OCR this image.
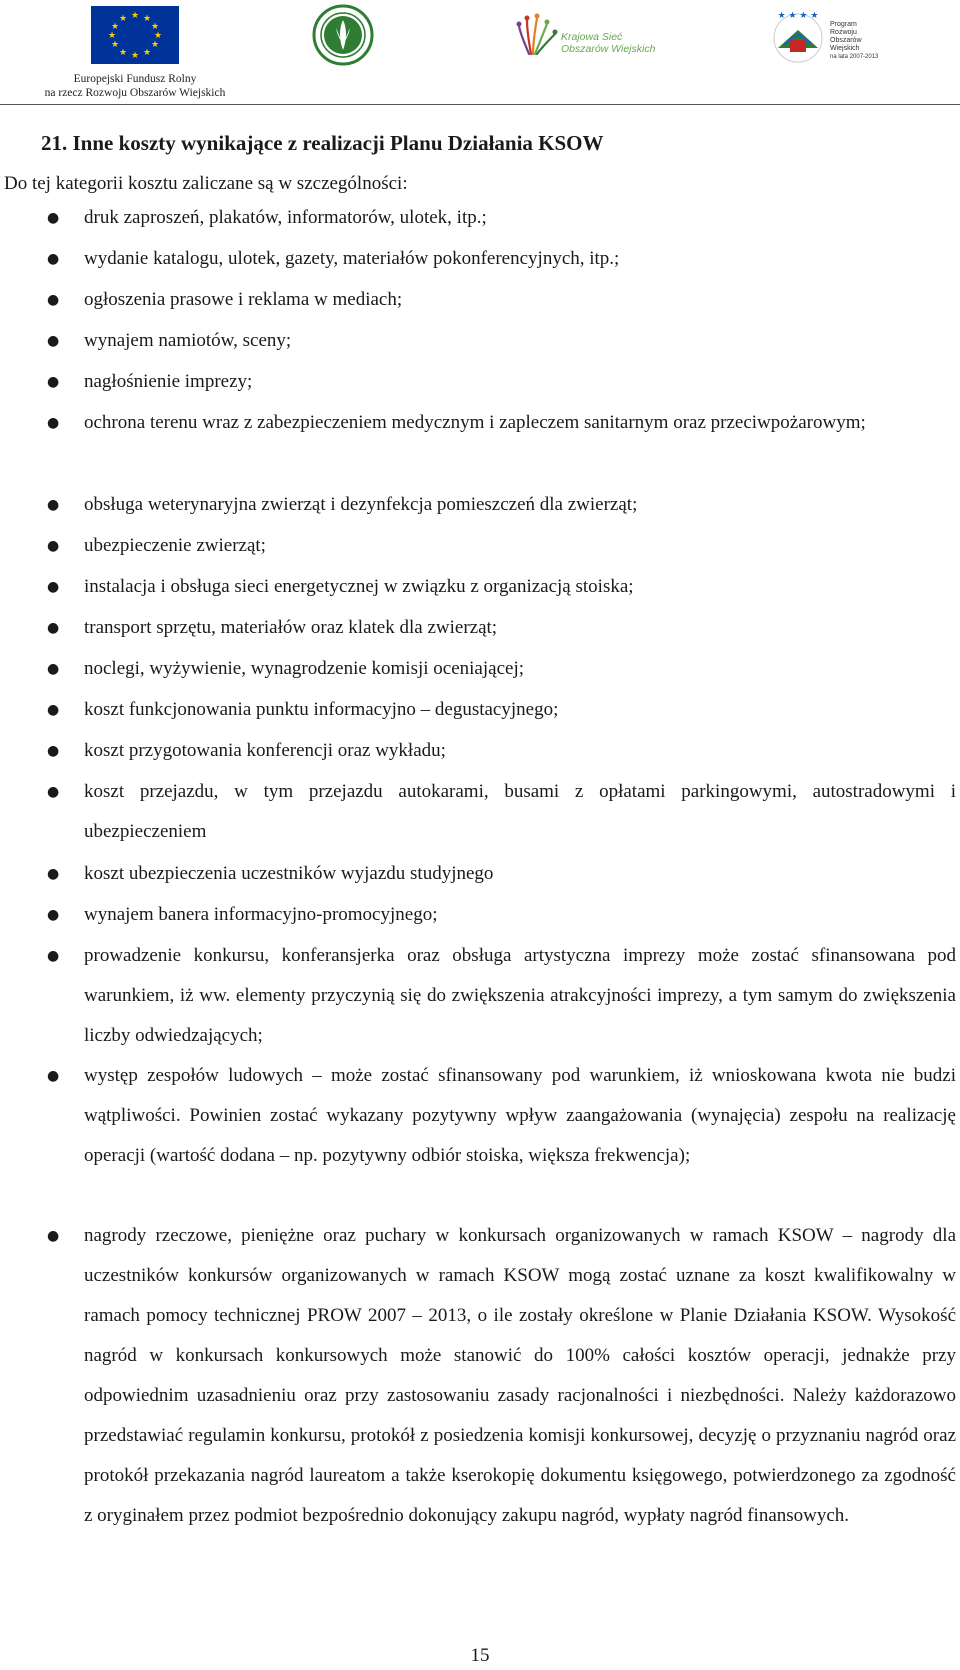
★ ★
★
★
★
★
★
★
★
★
★
★
Europejski Fundusz Rolny
na rzecz Rozwoju Obszarów Wiejskich
Krajowa Sieć
Obszarów Wiejskich
★ ★ ★ ★
Program
Rozwoju
Obszarów
Wiejskich
na lata 2007-2013
21. Inne koszty wynikające z realizacji Planu Działania KSOW
Do tej kategorii kosztu zaliczane są w szczególności:
● druk zaproszeń, plakatów, informatorów, ulotek, itp.;
● wydanie katalogu, ulotek, gazety, materiałów pokonferencyjnych, itp.;
● ogłoszenia prasowe i reklama w mediach;
● wynajem namiotów, sceny;
● nagłośnienie imprezy;
● ochrona terenu wraz z zabezpieczeniem medycznym i zapleczem sanitarnym oraz przeciwpożarowym;
● obsługa weterynaryjna zwierząt i dezynfekcja pomieszczeń dla zwierząt;
● ubezpieczenie zwierząt;
● instalacja i obsługa sieci energetycznej w związku z organizacją stoiska;
● transport sprzętu, materiałów oraz klatek dla zwierząt;
● noclegi, wyżywienie, wynagrodzenie komisji oceniającej;
● koszt funkcjonowania punktu informacyjno – degustacyjnego;
● koszt przygotowania konferencji oraz wykładu;
● koszt przejazdu, w tym przejazdu autokarami, busami z opłatami parkingowymi, autostradowymi i ubezpieczeniem
● koszt ubezpieczenia uczestników wyjazdu studyjnego
● wynajem banera informacyjno-promocyjnego;
● prowadzenie konkursu, konferansjerka oraz obsługa artystyczna imprezy może zostać sfinansowana pod warunkiem, iż ww. elementy przyczynią się do zwiększenia atrakcyjności imprezy, a tym samym do zwiększenia liczby odwiedzających;
● występ zespołów ludowych – może zostać sfinansowany pod warunkiem, iż wnioskowana kwota nie budzi wątpliwości. Powinien zostać wykazany pozytywny wpływ zaangażowania (wynajęcia) zespołu na realizację operacji (wartość dodana – np. pozytywny odbiór stoiska, większa frekwencja);
● nagrody rzeczowe, pieniężne oraz puchary w konkursach organizowanych w ramach KSOW – nagrody dla uczestników konkursów organizowanych w ramach KSOW mogą zostać uznane za koszt kwalifikowalny w ramach pomocy technicznej PROW 2007 – 2013, o ile zostały określone w Planie Działania KSOW. Wysokość nagród w konkursach konkursowych może stanowić do 100% całości kosztów operacji, jednakże przy odpowiednim uzasadnieniu oraz przy zastosowaniu zasady racjonalności i niezbędności. Należy każdorazowo przedstawiać regulamin konkursu, protokół z posiedzenia komisji konkursowej, decyzję o przyznaniu nagród oraz protokół przekazania nagród laureatom a także kserokopię dokumentu księgowego, potwierdzonego za zgodność z oryginałem przez podmiot bezpośrednio dokonujący zakupu nagród, wypłaty nagród finansowych.
15
